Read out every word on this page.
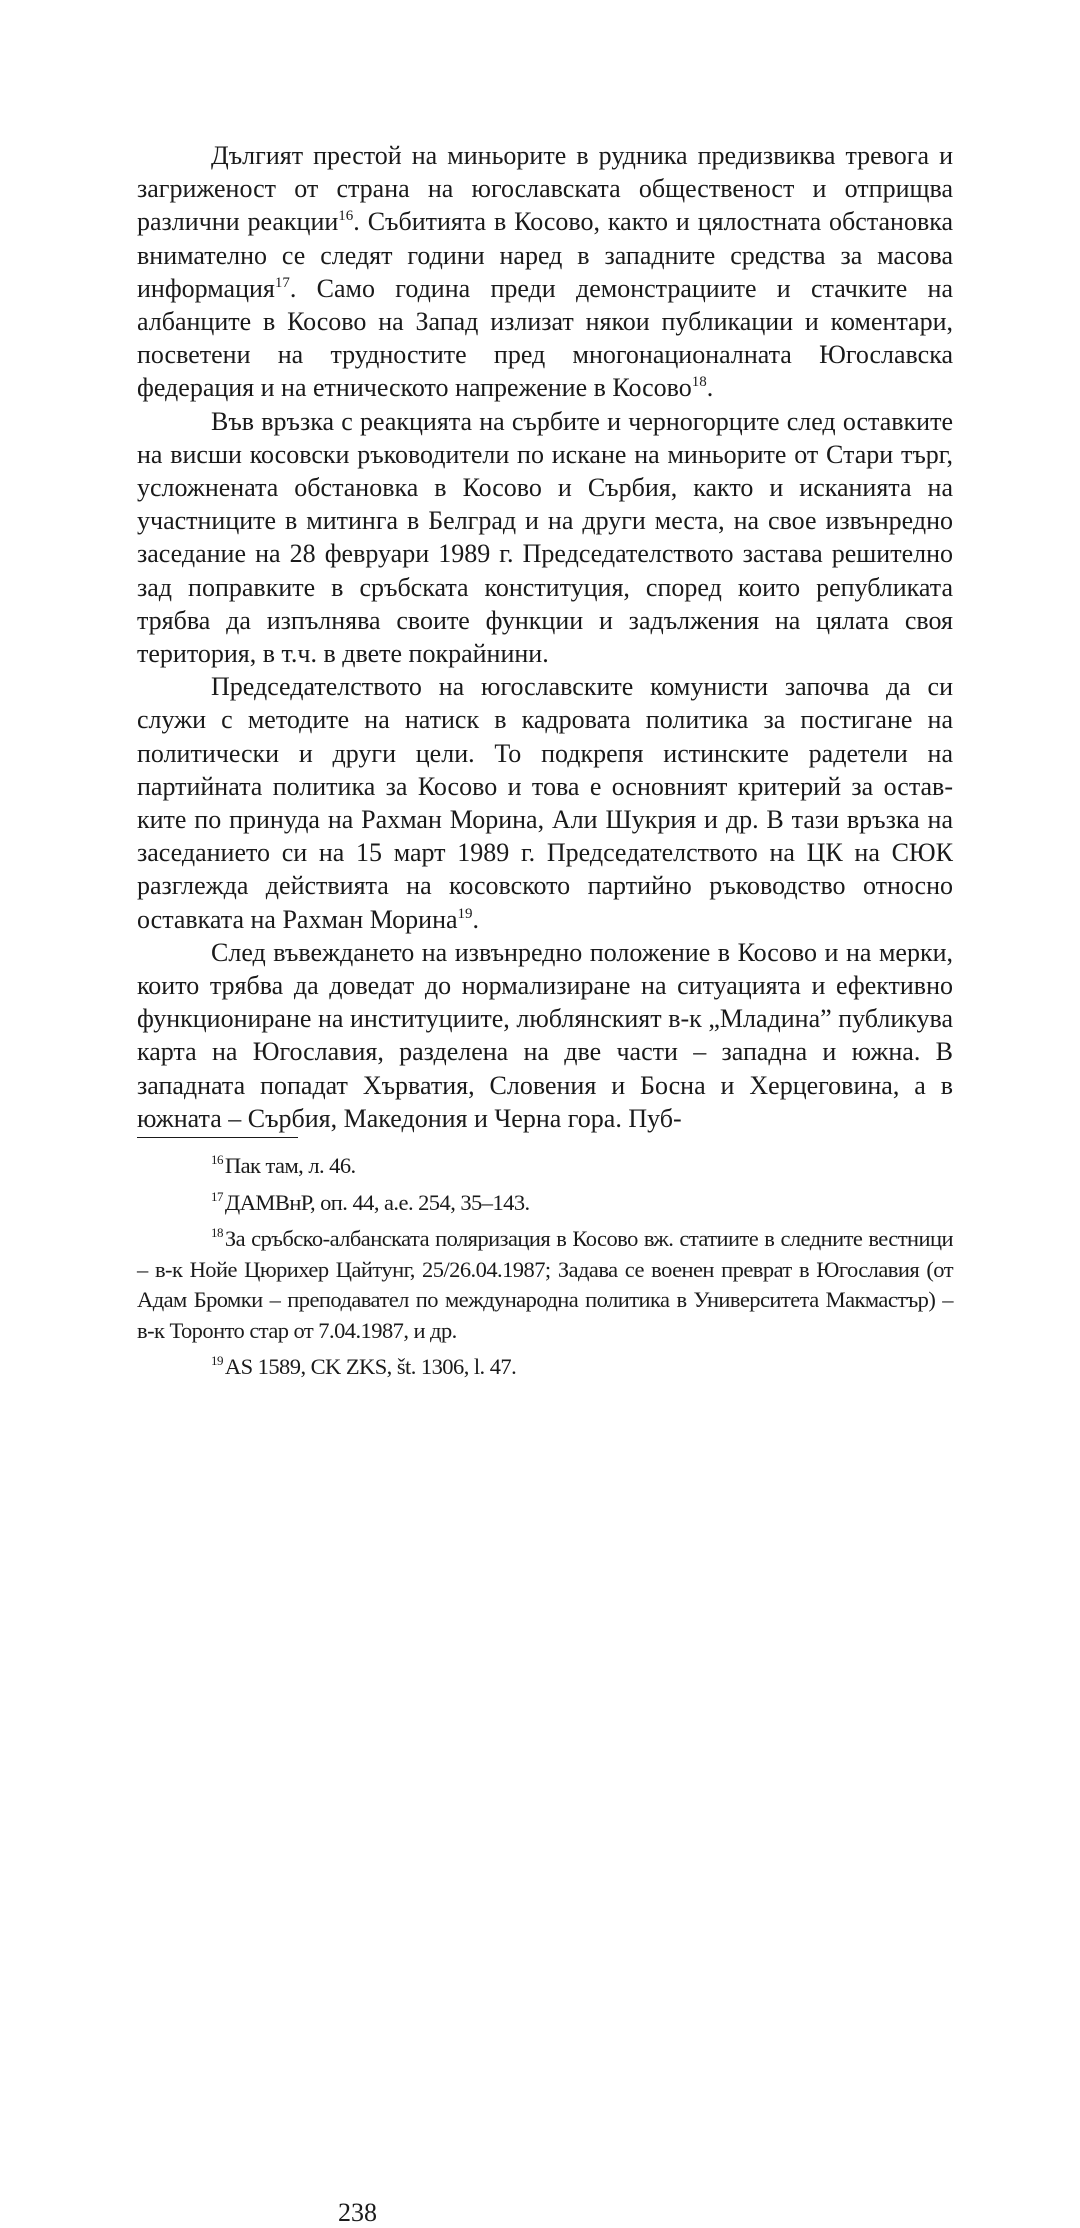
Дългият престой на миньорите в рудника предизвиква тревога и загриженост от страна на югославската общественост и отприщва различни реакции$^{16}$. Събитията в Косово, както и цялостната обстановка внимателно се следят години наред в западните средства за масова информация$^{17}$. Само година преди демонстрациите и стачките на албанците в Косово на Запад излизат някои публикации и коментари, посветени на трудностите пред многонационалната Югославска федерация и на етническото напрежение в Косово$^{18}$.

Във връзка с реакцията на сърбите и черногорците след оставките на висши косовски ръководители по искане на миньорите от Стари търг, усложнената обстановка в Косово и Сърбия, както и исканията на участниците в митинга в Белград и на други места, на свое извънредно заседание на 28 февруари 1989 г. Председателството застава решително зад поправките в сръбската конституция, според които републиката трябва да изпълнява своите функции и задължения на цялата своя територия, в т.ч. в двете покрайнини.

Председателството на югославските комунисти започва да си служи с методите на натиск в кадровата политика за постигане на политически и други цели. То подкрепя истинските радетели на партийната политика за Косово и това е основният критерий за оставките по принуда на Рахман Морина, Али Шукрия и др. В тази връзка на заседанието си на 15 март 1989 г. Председателството на ЦК на СЮК разглежда действията на косовското партийно ръководство относно оставката на Рахман Морина$^{19}$.

След въвеждането на извънредно положение в Косово и на мерки, които трябва да доведат до нормализиране на ситуацията и ефективно функциониране на институциите, люблянският в-к „Младина” публикува карта на Югославия, разделена на две части – западна и южна. В западната попадат Хърватия, Словения и Босна и Херцеговина, а в южната – Сърбия, Македония и Черна гора. Пуб-

$^{16}$Пак там, л. 46.

$^{17}$ДАМВнР, оп. 44, а.е. 254, 35–143.

$^{18}$За сръбско-албанската поляризация в Косово вж. статиите в следните вестници – в-к Нойе Цюрихер Цайтунг, 25/26.04.1987; Задава се военен преврат в Югославия (от Адам Бромки – преподавател по международна политика в Университета Макмастър) – в-к Торонто стар от 7.04.1987, и др.

$^{19}$AS 1589, CK ZKS, št. 1306, l. 47.

238
